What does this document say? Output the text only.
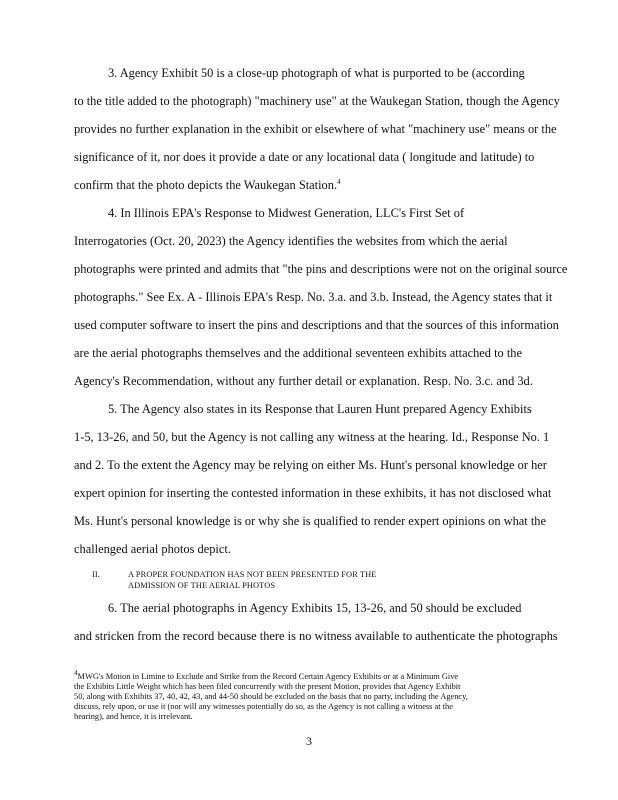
3. Agency Exhibit 50 is a close-up photograph of what is purported to be (according
to the title added to the photograph) "machinery use" at the Waukegan Station, though the Agency
provides no further explanation in the exhibit or elsewhere of what "machinery use" means or the
significance of it, nor does it provide a date or any locational data ( longitude and latitude) to
confirm that the photo depicts the Waukegan Station.$^4$
4. In Illinois EPA's Response to Midwest Generation, LLC's First Set of
Interrogatories (Oct. 20, 2023) the Agency identifies the websites from which the aerial
photographs were printed and admits that "the pins and descriptions were not on the original source
photographs." See Ex. A - Illinois EPA's Resp. No. 3.a. and 3.b. Instead, the Agency states that it
used computer software to insert the pins and descriptions and that the sources of this information
are the aerial photographs themselves and the additional seventeen exhibits attached to the
Agency's Recommendation, without any further detail or explanation. Resp. No. 3.c. and 3d.
5. The Agency also states in its Response that Lauren Hunt prepared Agency Exhibits
1-5, 13-26, and 50, but the Agency is not calling any witness at the hearing. Id., Response No. 1
and 2. To the extent the Agency may be relying on either Ms. Hunt's personal knowledge or her
expert opinion for inserting the contested information in these exhibits, it has not disclosed what
Ms. Hunt's personal knowledge is or why she is qualified to render expert opinions on what the
challenged aerial photos depict.
II.	A PROPER FOUNDATION HAS NOT BEEN PRESENTED FOR THE
ADMISSION OF THE AERIAL PHOTOS
6. The aerial photographs in Agency Exhibits 15, 13-26, and 50 should be excluded
and stricken from the record because there is no witness available to authenticate the photographs
$^4$MWG's Motion in Limine to Exclude and Strike from the Record Certain Agency Exhibits or at a Minimum Give
the Exhibits Little Weight which has been filed concurrently with the present Motion, provides that Agency Exhibit
50, along with Exhibits 37, 40, 42, 43, and 44-50 should be excluded on the basis that no party, including the Agency,
discuss, rely upon, or use it (nor will any witnesses potentially do so, as the Agency is not calling a witness at the
hearing), and hence, it is irrelevant.
3
